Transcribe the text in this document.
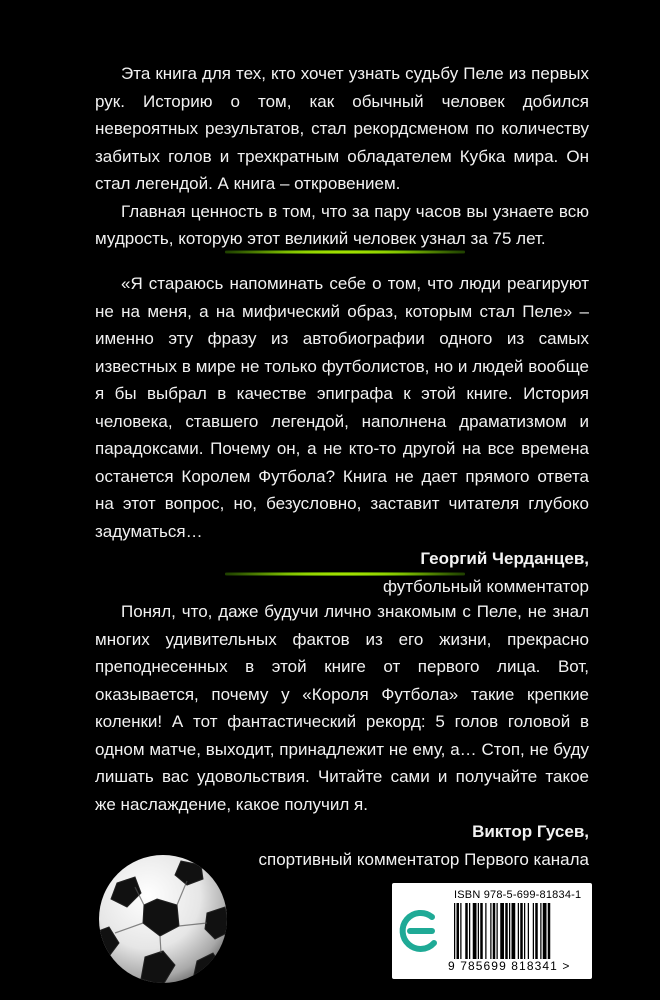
Эта книга для тех, кто хочет узнать судьбу Пеле из первых рук. Историю о том, как обычный человек добился невероятных результатов, стал рекордсменом по количеству забитых голов и трехкратным обладателем Кубка мира. Он стал легендой. А книга – откровением.

Главная ценность в том, что за пару часов вы узнаете всю мудрость, которую этот великий человек узнал за 75 лет.

«Я стараюсь напоминать себе о том, что люди реагируют не на меня, а на мифический образ, которым стал Пеле» – именно эту фразу из автобиографии одного из самых известных в мире не только футболистов, но и людей вообще я бы выбрал в качестве эпиграфа к этой книге. История человека, ставшего легендой, наполнена драматизмом и парадоксами. Почему он, а не кто-то другой на все времена останется Королем Футбола? Книга не дает прямого ответа на этот вопрос, но, безусловно, заставит читателя глубоко задуматься…

Георгий Черданцев,
футбольный комментатор

Понял, что, даже будучи лично знакомым с Пеле, не знал многих удивительных фактов из его жизни, прекрасно преподнесенных в этой книге от первого лица. Вот, оказывается, почему у «Короля Футбола» такие крепкие коленки! А тот фантастический рекорд: 5 голов головой в одном матче, выходит, принадлежит не ему, а… Стоп, не буду лишать вас удовольствия. Читайте сами и получайте такое же наслаждение, какое получил я.

Виктор Гусев,
спортивный комментатор Первого канала
ISBN 978-5-699-81834-1
9 785699 818341 >
